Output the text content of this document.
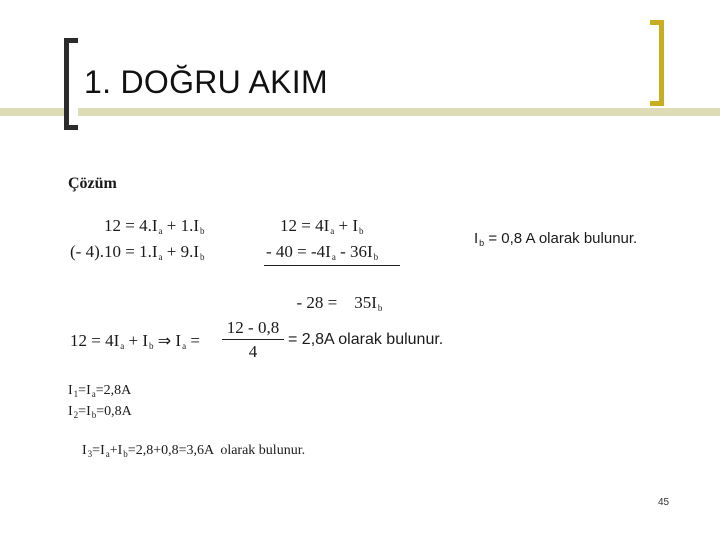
1. DOĞRU AKIM
Çözüm
$12 = 4.I_a + 1.I_b$
(- $4).10 = 1.I_a + 9.I_b$
$12 = 4I_a + I_b$
- $40 = -4I_a - 36I_b$

- 28 =    $35I_b$

$I_b = 0,8$ A olarak bulunur.
$12 = 4I_a + I_b$ ⇒ $I_a$ =
12 - 0,8
4
= 2,8A olarak bulunur.
$I_1=I_a=2,8A$
$I_2=I_b=0,8A$

$I_3=I_a+I_b=2,8+0,8=3,6A$  olarak bulunur.

45
